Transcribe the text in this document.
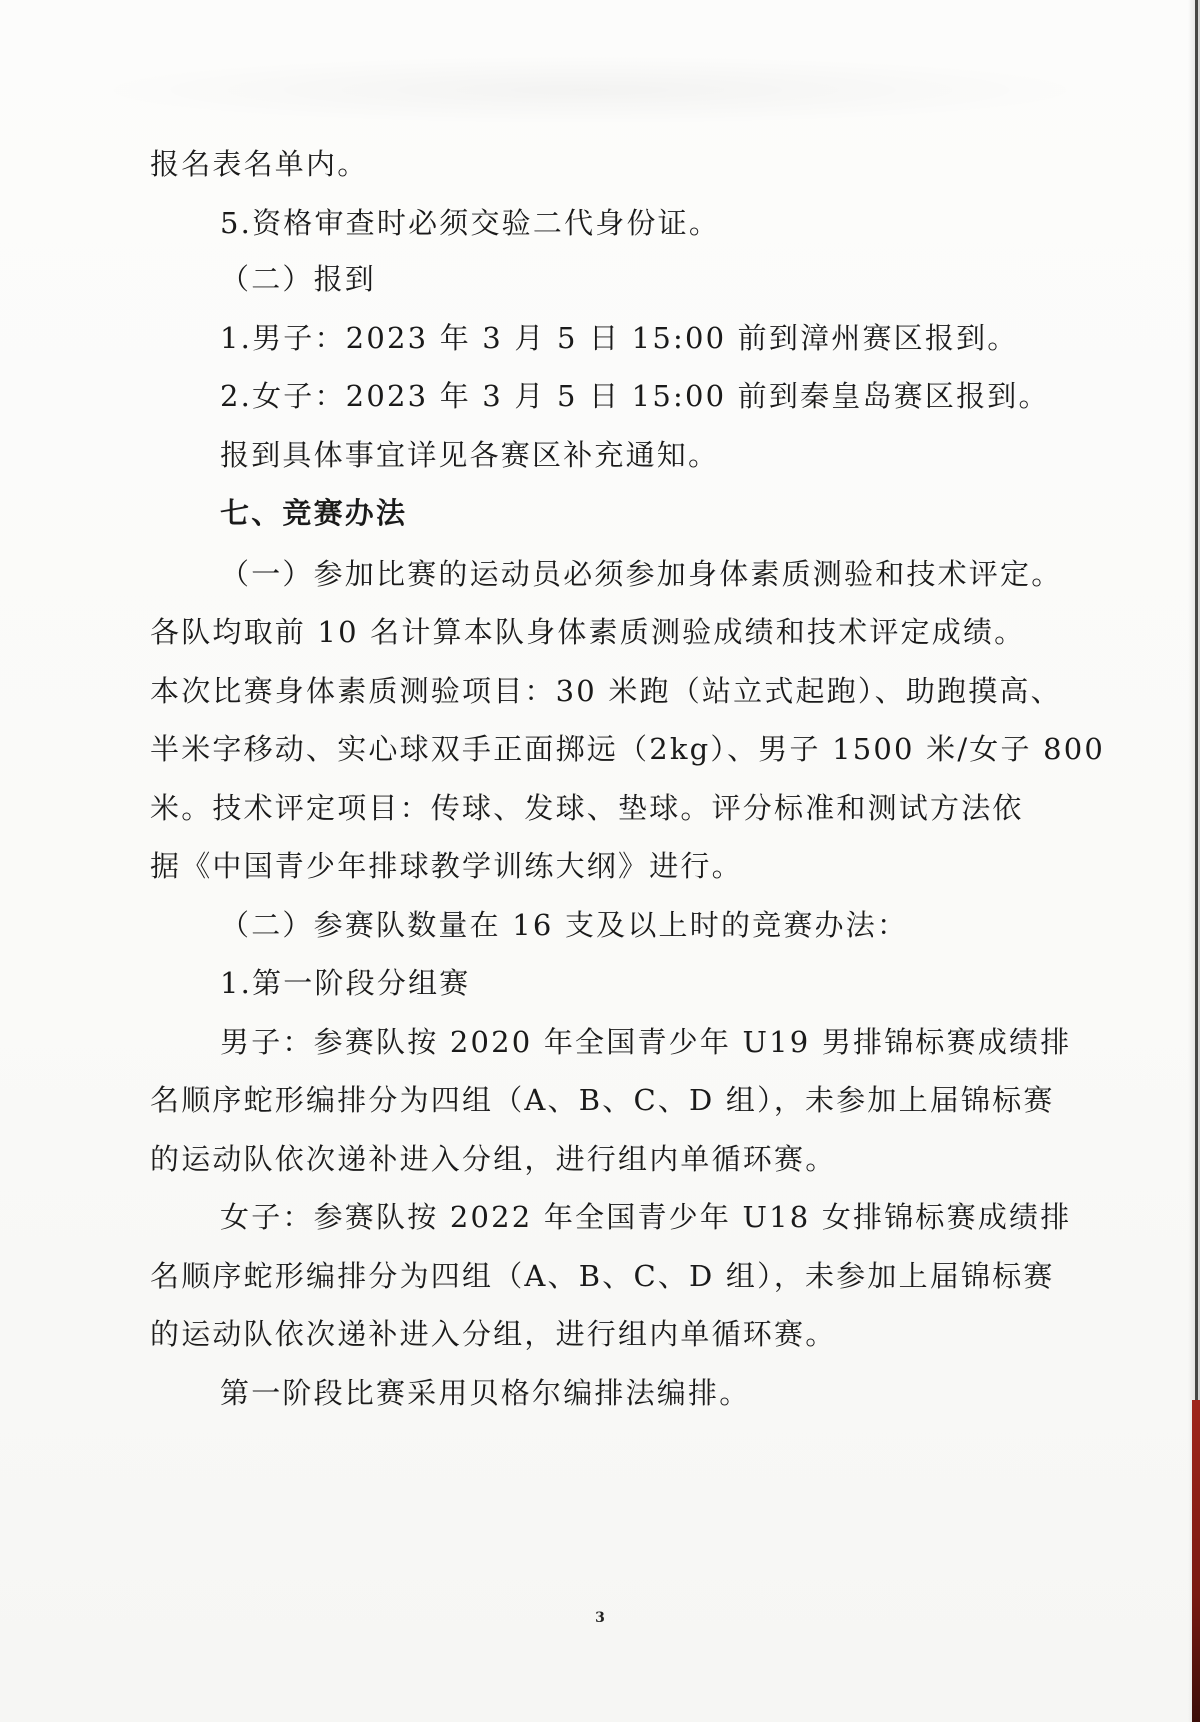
报名表名单内。
5.资格审查时必须交验二代身份证。
（二）报到
1.男子：2023 年 3 月 5 日 15:00 前到漳州赛区报到。
2.女子：2023 年 3 月 5 日 15:00 前到秦皇岛赛区报到。
报到具体事宜详见各赛区补充通知。
七、竞赛办法
（一）参加比赛的运动员必须参加身体素质测验和技术评定。
各队均取前 10 名计算本队身体素质测验成绩和技术评定成绩。
本次比赛身体素质测验项目：30 米跑（站立式起跑）、助跑摸高、
半米字移动、实心球双手正面掷远（2kg）、男子 1500 米/女子 800
米。技术评定项目：传球、发球、垫球。评分标准和测试方法依
据《中国青少年排球教学训练大纲》进行。
（二）参赛队数量在 16 支及以上时的竞赛办法：
1.第一阶段分组赛
男子：参赛队按 2020 年全国青少年 U19 男排锦标赛成绩排
名顺序蛇形编排分为四组（A、B、C、D 组），未参加上届锦标赛
的运动队依次递补进入分组，进行组内单循环赛。
女子：参赛队按 2022 年全国青少年 U18 女排锦标赛成绩排
名顺序蛇形编排分为四组（A、B、C、D 组），未参加上届锦标赛
的运动队依次递补进入分组，进行组内单循环赛。
第一阶段比赛采用贝格尔编排法编排。
3
